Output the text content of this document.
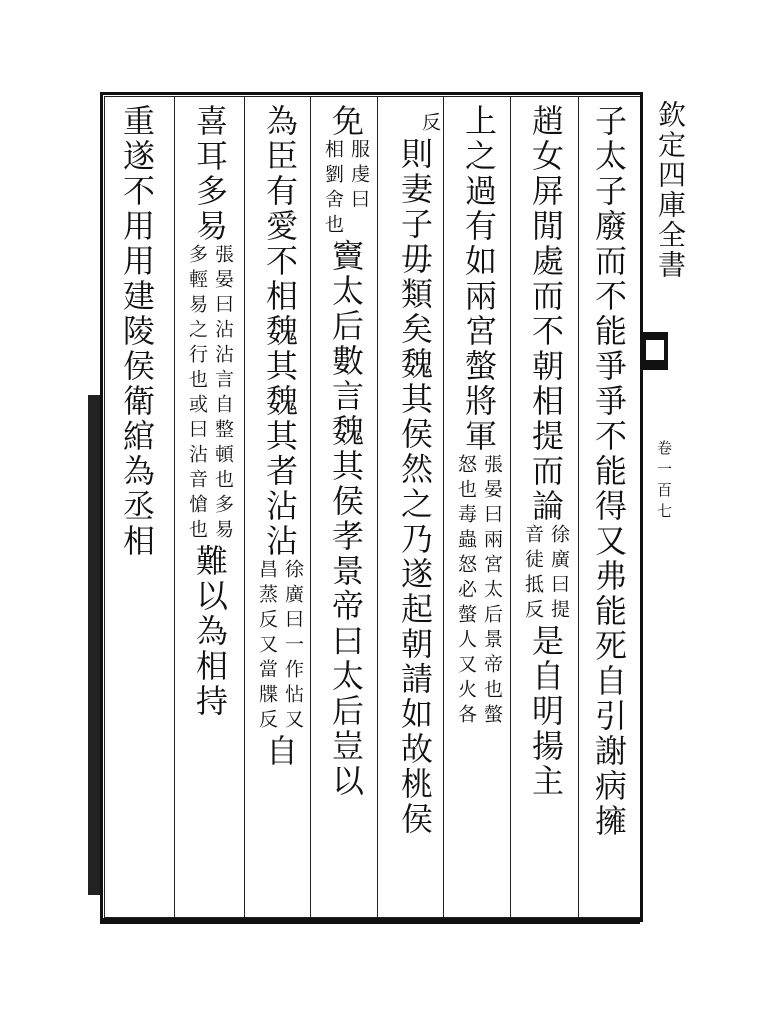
欽定四庫全書
卷一百七
子太子廢而不能爭爭不能得又弗能死自引謝病擁
趙女屏閒處而不朝相提而論
徐廣曰提
音徒抵反
是自明揚主
上之過有如兩宮螫將軍
張晏曰兩宮太后景帝也螫
怒也毒蟲怒必螫人又火各
反
則妻子毋類矣魏其侯然之乃遂起朝請如故桃侯
免
服虔曰
相劉舍也
竇太后數言魏其侯孝景帝曰太后豈以
為臣有愛不相魏其魏其者沾沾
徐廣曰一作怗又
昌蒸反又當牒反
自
喜耳多易
張晏曰沾沾言自整頓也多易
多輕易之行也或曰沾音愴也
難以為相持
重遂不用用建陵侯衛綰為丞相
